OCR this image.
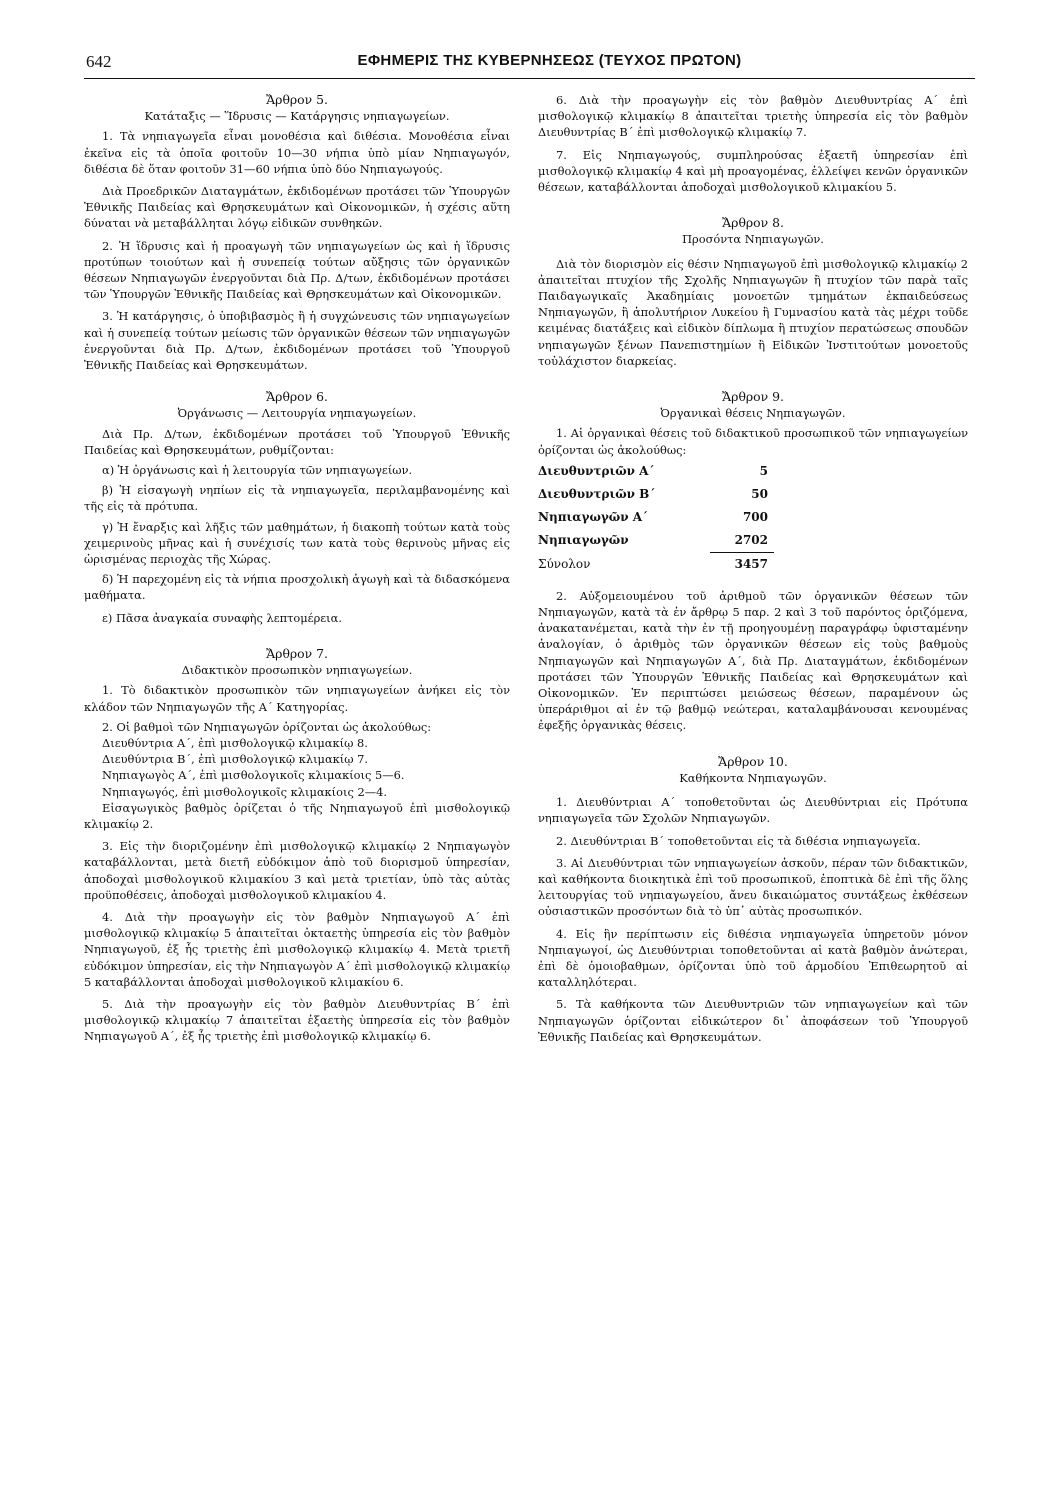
642	ΕΦΗΜΕΡΙΣ ΤΗΣ ΚΥΒΕΡΝΗΣΕΩΣ (ΤΕΥΧΟΣ ΠΡΩΤΟΝ)
Ἄρθρον 5.
Κατάταξις — Ἵδρυσις — Κατάργησις νηπιαγωγείων.

1. Τὰ νηπιαγωγεῖα εἶναι μονοθέσια καὶ διθέσια. Μονοθέσια εἶναι ἐκεῖνα εἰς τὰ ὁποῖα φοιτοῦν 10—30 νήπια ὑπὸ μίαν Νηπιαγωγόν, διθέσια δὲ ὅταν φοιτοῦν 31—60 νήπια ὑπὸ δύο Νηπιαγωγούς.

Διὰ Προεδρικῶν Διαταγμάτων, ἐκδιδομένων προτάσει τῶν Ὑπουργῶν Ἐθνικῆς Παιδείας καὶ Θρησκευμάτων καὶ Οἰκονομικῶν, ἡ σχέσις αὕτη δύναται νὰ μεταβάλληται λόγῳ εἰδικῶν συνθηκῶν.

2. Ἡ ἵδρυσις καὶ ἡ προαγωγὴ τῶν νηπιαγωγείων ὡς καὶ ἡ ἵδρυσις προτύπων τοιούτων καὶ ἡ συνεπείᾳ τούτων αὔξησις τῶν ὀργανικῶν θέσεων Νηπιαγωγῶν ἐνεργοῦνται διὰ Πρ. Δ/των, ἐκδιδομένων προτάσει τῶν Ὑπουργῶν Ἐθνικῆς Παιδείας καὶ Θρησκευμάτων καὶ Οἰκονομικῶν.

3. Ἡ κατάργησις, ὁ ὑποβιβασμὸς ἢ ἡ συγχώνευσις τῶν νηπιαγωγείων καὶ ἡ συνεπείᾳ τούτων μείωσις τῶν ὀργανικῶν θέσεων τῶν νηπιαγωγῶν ἐνεργοῦνται διὰ Πρ. Δ/των, ἐκδιδομένων προτάσει τοῦ Ὑπουργοῦ Ἐθνικῆς Παιδείας καὶ Θρησκευμάτων.

Ἄρθρον 6.
Ὀργάνωσις — Λειτουργία νηπιαγωγείων.

Διὰ Πρ. Δ/των, ἐκδιδομένων προτάσει τοῦ Ὑπουργοῦ Ἐθνικῆς Παιδείας καὶ Θρησκευμάτων, ρυθμίζονται:

α) Ἡ ὀργάνωσις καὶ ἡ λειτουργία τῶν νηπιαγωγείων.

β) Ἡ εἰσαγωγὴ νηπίων εἰς τὰ νηπιαγωγεῖα, περιλαμβανομένης καὶ τῆς εἰς τὰ πρότυπα.

γ) Ἡ ἔναρξις καὶ λῆξις τῶν μαθημάτων, ἡ διακοπὴ τούτων κατὰ τοὺς χειμερινοὺς μῆνας καὶ ἡ συνέχισίς των κατὰ τοὺς θερινοὺς μῆνας εἰς ὡρισμένας περιοχὰς τῆς Χώρας.

δ) Ἡ παρεχομένη εἰς τὰ νήπια προσχολικὴ ἀγωγὴ καὶ τὰ διδασκόμενα μαθήματα.

ε) Πᾶσα ἀναγκαία συναφὴς λεπτομέρεια.

Ἄρθρον 7.
Διδακτικὸν προσωπικὸν νηπιαγωγείων.

1. Τὸ διδακτικὸν προσωπικὸν τῶν νηπιαγωγείων ἀνήκει εἰς τὸν κλάδον τῶν Νηπιαγωγῶν τῆς Α΄ Κατηγορίας.

2. Οἱ βαθμοὶ τῶν Νηπιαγωγῶν ὁρίζονται ὡς ἀκολούθως:

Διευθύντρια Α΄, ἐπὶ μισθολογικῷ κλιμακίῳ 8.

Διευθύντρια Β΄, ἐπὶ μισθολογικῷ κλιμακίῳ 7.

Νηπιαγωγὸς Α΄, ἐπὶ μισθολογικοῖς κλιμακίοις 5—6.

Νηπιαγωγός, ἐπὶ μισθολογικοῖς κλιμακίοις 2—4.

Εἰσαγωγικὸς βαθμὸς ὁρίζεται ὁ τῆς Νηπιαγωγοῦ ἐπὶ μισθολογικῷ κλιμακίῳ 2.

3. Εἰς τὴν διοριζομένην ἐπὶ μισθολογικῷ κλιμακίῳ 2 Νηπιαγωγὸν καταβάλλονται, μετὰ διετῆ εὐδόκιμον ἀπὸ τοῦ διορισμοῦ ὑπηρεσίαν, ἀποδοχαὶ μισθολογικοῦ κλιμακίου 3 καὶ μετὰ τριετίαν, ὑπὸ τὰς αὐτὰς προϋποθέσεις, ἀποδοχαὶ μισθολογικοῦ κλιμακίου 4.

4. Διὰ τὴν προαγωγὴν εἰς τὸν βαθμὸν Νηπιαγωγοῦ Α΄ ἐπὶ μισθολογικῷ κλιμακίῳ 5 ἀπαιτεῖται ὀκταετὴς ὑπηρεσία εἰς τὸν βαθμὸν Νηπιαγωγοῦ, ἐξ ἧς τριετὴς ἐπὶ μισθολογικῷ κλιμακίῳ 4. Μετὰ τριετῆ εὐδόκιμον ὑπηρεσίαν, εἰς τὴν Νηπιαγωγὸν Α΄ ἐπὶ μισθολογικῷ κλιμακίῳ 5 καταβάλλονται ἀποδοχαὶ μισθολογικοῦ κλιμακίου 6.

5. Διὰ τὴν προαγωγὴν εἰς τὸν βαθμὸν Διευθυντρίας Β΄ ἐπὶ μισθολογικῷ κλιμακίῳ 7 ἀπαιτεῖται ἑξαετὴς ὑπηρεσία εἰς τὸν βαθμὸν Νηπιαγωγοῦ Α΄, ἐξ ἧς τριετὴς ἐπὶ μισθολογικῷ κλιμακίῳ 6.

6. Διὰ τὴν προαγωγὴν εἰς τὸν βαθμὸν Διευθυντρίας Α΄ ἐπὶ μισθολογικῷ κλιμακίῳ 8 ἀπαιτεῖται τριετὴς ὑπηρεσία εἰς τὸν βαθμὸν Διευθυντρίας Β΄ ἐπὶ μισθολογικῷ κλιμακίῳ 7.

7. Εἰς Νηπιαγωγούς, συμπληρούσας ἑξαετῆ ὑπηρεσίαν ἐπὶ μισθολογικῷ κλιμακίῳ 4 καὶ μὴ προαγομένας, ἐλλείψει κενῶν ὀργανικῶν θέσεων, καταβάλλονται ἀποδοχαὶ μισθολογικοῦ κλιμακίου 5.

Ἄρθρον 8.
Προσόντα Νηπιαγωγῶν.

Διὰ τὸν διορισμὸν εἰς θέσιν Νηπιαγωγοῦ ἐπὶ μισθολογικῷ κλιμακίῳ 2 ἀπαιτεῖται πτυχίον τῆς Σχολῆς Νηπιαγωγῶν ἢ πτυχίον τῶν παρὰ ταῖς Παιδαγωγικαῖς Ἀκαδημίαις μονοετῶν τμημάτων ἐκπαιδεύσεως Νηπιαγωγῶν, ἢ ἀπολυτήριον Λυκείου ἢ Γυμνασίου κατὰ τὰς μέχρι τοῦδε κειμένας διατάξεις καὶ εἰδικὸν δίπλωμα ἢ πτυχίον περατώσεως σπουδῶν νηπιαγωγῶν ξένων Πανεπιστημίων ἢ Εἰδικῶν Ἰνστιτούτων μονοετοῦς τοὐλάχιστον διαρκείας.

Ἄρθρον 9.
Ὀργανικαὶ θέσεις Νηπιαγωγῶν.

1. Αἱ ὀργανικαὶ θέσεις τοῦ διδακτικοῦ προσωπικοῦ τῶν νηπιαγωγείων ὁρίζονται ὡς ἀκολούθως:

Διευθυντριῶν Α΄	5
Διευθυντριῶν Β΄	50
Νηπιαγωγῶν Α΄	700
Νηπιαγωγῶν	2702
Σύνολον	3457

2. Αὐξομειουμένου τοῦ ἀριθμοῦ τῶν ὀργανικῶν θέσεων τῶν Νηπιαγωγῶν, κατὰ τὰ ἐν ἄρθρῳ 5 παρ. 2 καὶ 3 τοῦ παρόντος ὁριζόμενα, ἀνακατανέμεται, κατὰ τὴν ἐν τῇ προηγουμένῃ παραγράφῳ ὑφισταμένην ἀναλογίαν, ὁ ἀριθμὸς τῶν ὀργανικῶν θέσεων εἰς τοὺς βαθμοὺς Νηπιαγωγῶν καὶ Νηπιαγωγῶν Α΄, διὰ Πρ. Διαταγμάτων, ἐκδιδομένων προτάσει τῶν Ὑπουργῶν Ἐθνικῆς Παιδείας καὶ Θρησκευμάτων καὶ Οἰκονομικῶν. Ἐν περιπτώσει μειώσεως θέσεων, παραμένουν ὡς ὑπεράριθμοι αἱ ἐν τῷ βαθμῷ νεώτεραι, καταλαμβάνουσαι κενουμένας ἐφεξῆς ὀργανικὰς θέσεις.

Ἄρθρον 10.
Καθήκοντα Νηπιαγωγῶν.

1. Διευθύντριαι Α΄ τοποθετοῦνται ὡς Διευθύντριαι εἰς Πρότυπα νηπιαγωγεῖα τῶν Σχολῶν Νηπιαγωγῶν.

2. Διευθύντριαι Β΄ τοποθετοῦνται εἰς τὰ διθέσια νηπιαγωγεῖα.

3. Αἱ Διευθύντριαι τῶν νηπιαγωγείων ἀσκοῦν, πέραν τῶν διδακτικῶν, καὶ καθήκοντα διοικητικὰ ἐπὶ τοῦ προσωπικοῦ, ἐποπτικὰ δὲ ἐπὶ τῆς ὅλης λειτουργίας τοῦ νηπιαγωγείου, ἄνευ δικαιώματος συντάξεως ἐκθέσεων οὐσιαστικῶν προσόντων διὰ τὸ ὑπ᾿ αὐτὰς προσωπικόν.

4. Εἰς ἣν περίπτωσιν εἰς διθέσια νηπιαγωγεῖα ὑπηρετοῦν μόνον Νηπιαγωγοί, ὡς Διευθύντριαι τοποθετοῦνται αἱ κατὰ βαθμὸν ἀνώτεραι, ἐπὶ δὲ ὁμοιοβαθμων, ὁρίζονται ὑπὸ τοῦ ἁρμοδίου Ἐπιθεωρητοῦ αἱ καταλληλότεραι.

5. Τὰ καθήκοντα τῶν Διευθυντριῶν τῶν νηπιαγωγείων καὶ τῶν Νηπιαγωγῶν ὁρίζονται εἰδικώτερον δι᾿ ἀποφάσεων τοῦ Ὑπουργοῦ Ἐθνικῆς Παιδείας καὶ Θρησκευμάτων.
